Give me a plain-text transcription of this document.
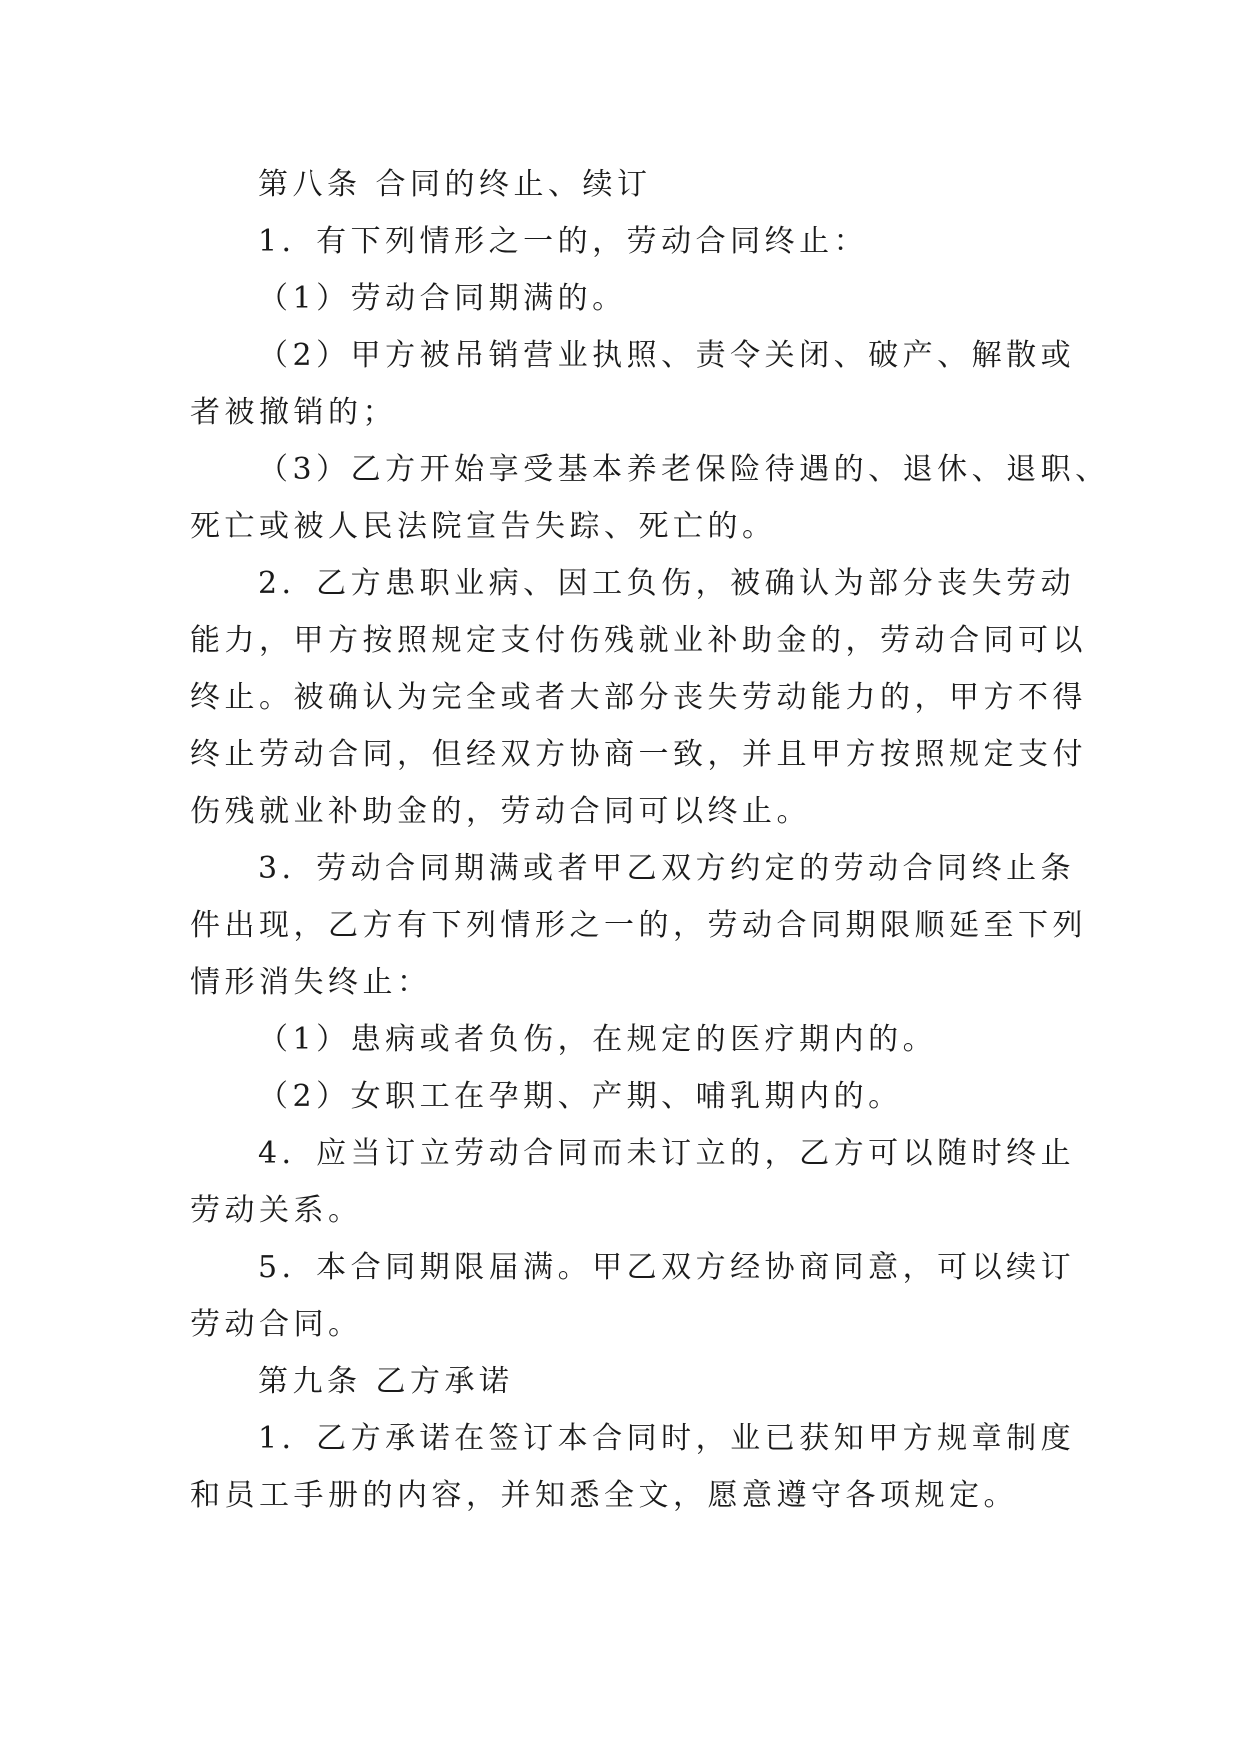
第八条 合同的终止、续订
1．有下列情形之一的，劳动合同终止：
（1）劳动合同期满的。
（2）甲方被吊销营业执照、责令关闭、破产、解散或
者被撤销的；
（3）乙方开始享受基本养老保险待遇的、退休、退职、
死亡或被人民法院宣告失踪、死亡的。
2．乙方患职业病、因工负伤，被确认为部分丧失劳动
能力，甲方按照规定支付伤残就业补助金的，劳动合同可以
终止。被确认为完全或者大部分丧失劳动能力的，甲方不得
终止劳动合同，但经双方协商一致，并且甲方按照规定支付
伤残就业补助金的，劳动合同可以终止。
3．劳动合同期满或者甲乙双方约定的劳动合同终止条
件出现，乙方有下列情形之一的，劳动合同期限顺延至下列
情形消失终止：
（1）患病或者负伤，在规定的医疗期内的。
（2）女职工在孕期、产期、哺乳期内的。
4．应当订立劳动合同而未订立的，乙方可以随时终止
劳动关系。
5．本合同期限届满。甲乙双方经协商同意，可以续订
劳动合同。
第九条 乙方承诺
1．乙方承诺在签订本合同时，业已获知甲方规章制度
和员工手册的内容，并知悉全文，愿意遵守各项规定。
